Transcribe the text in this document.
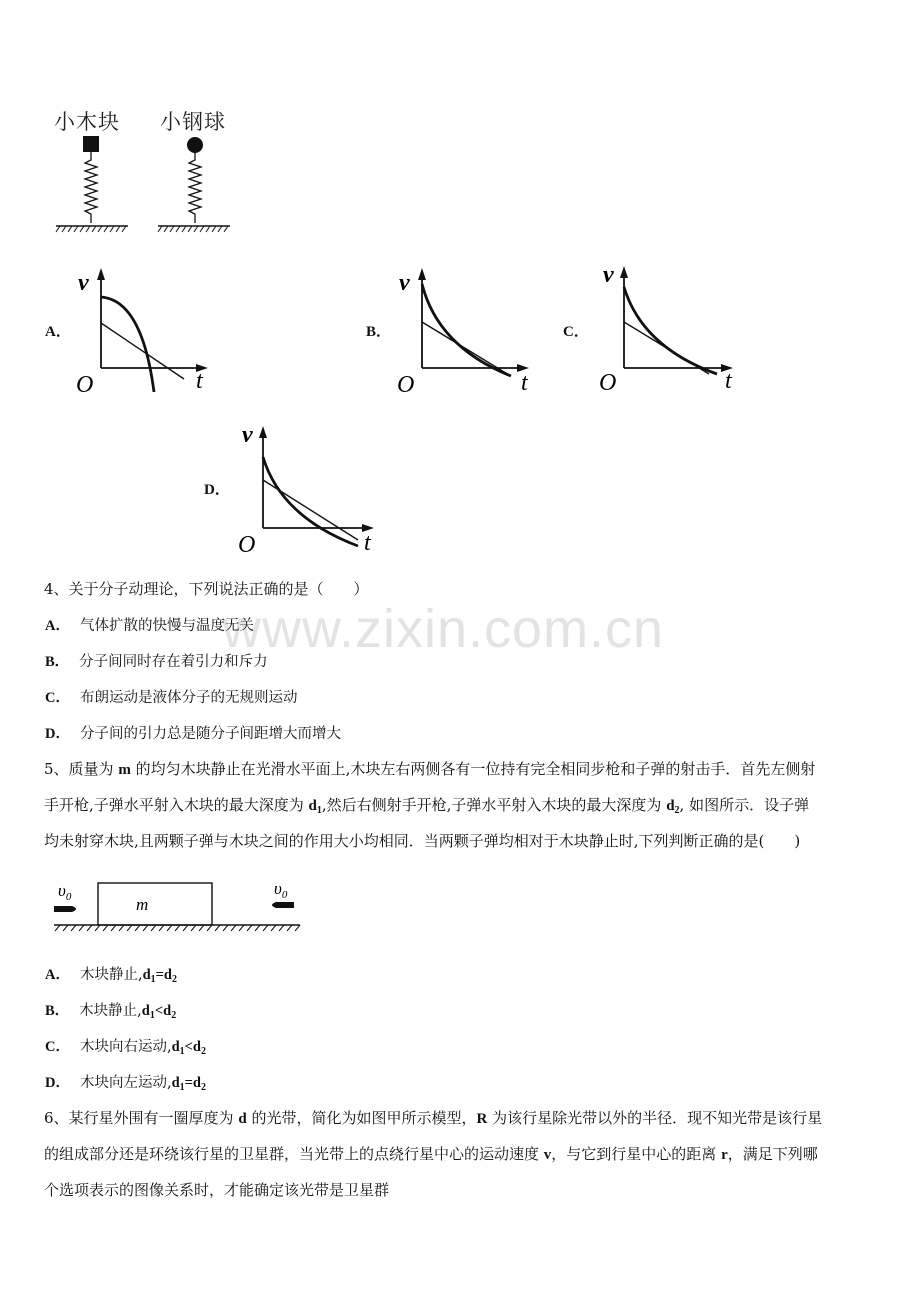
小木块 小钢球
A．
v
t
O
B．
v
t
O
C．
v
t
O
D．
v
t
O
www.zixin.com.cn
4、关于分子动理论，下列说法正确的是（　　）
A． 气体扩散的快慢与温度无关
B． 分子间同时存在着引力和斥力
C． 布朗运动是液体分子的无规则运动
D． 分子间的引力总是随分子间距增大而增大
5、质量为 m 的均匀木块静止在光滑水平面上,木块左右两侧各有一位持有完全相同步枪和子弹的射击手．首先左侧射
手开枪,子弹水平射入木块的最大深度为 $d_1$,然后右侧射手开枪,子弹水平射入木块的最大深度为 $d_2$, 如图所示．设子弹
均未射穿木块,且两颗子弹与木块之间的作用大小均相同．当两颗子弹均相对于木块静止时,下列判断正确的是(　　)
$\upsilon_0$	m
$\upsilon_0$
A． 木块静止$,d_1=d_2$
B． 木块静止$,d_1<d_2$
C． 木块向右运动$,d_1<d_2$
D． 木块向左运动$,d_1=d_2$
6、某行星外围有一圈厚度为 d 的光带，简化为如图甲所示模型，R 为该行星除光带以外的半径．现不知光带是该行星
的组成部分还是环绕该行星的卫星群，当光带上的点绕行星中心的运动速度 v，与它到行星中心的距离 r，满足下列哪
个选项表示的图像关系时，才能确定该光带是卫星群
